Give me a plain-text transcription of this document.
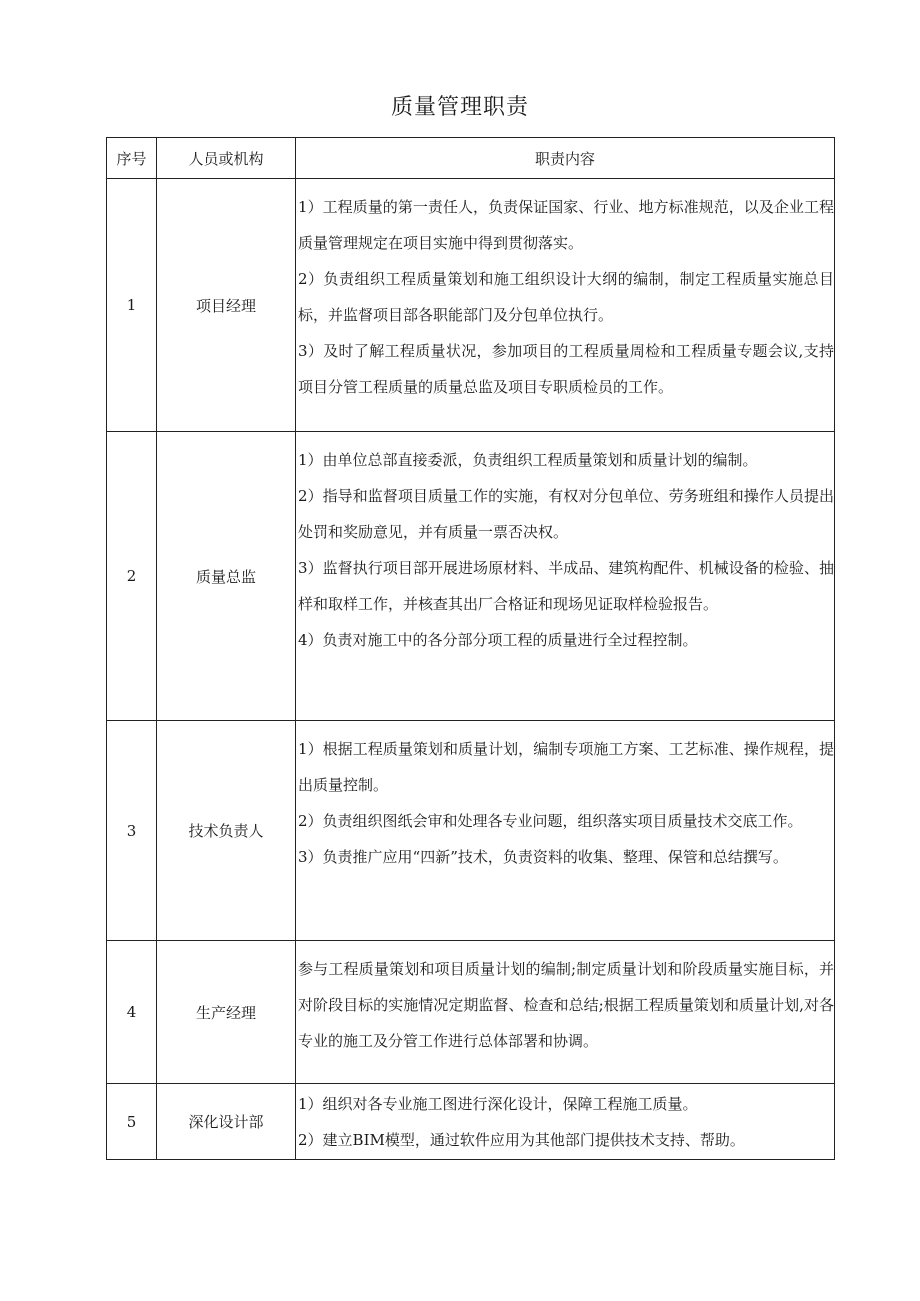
质量管理职责
序号	人员或机构	职责内容
1	项目经理	1）工程质量的第一责任人，负责保证国家、行业、地方标准规范，以及企业工程质量管理规定在项目实施中得到贯彻落实。
2）负责组织工程质量策划和施工组织设计大纲的编制，制定工程质量实施总目标，并监督项目部各职能部门及分包单位执行。
3）及时了解工程质量状况，参加项目的工程质量周检和工程质量专题会议,支持项目分管工程质量的质量总监及项目专职质检员的工作。

2	质量总监	1）由单位总部直接委派，负责组织工程质量策划和质量计划的编制。
2）指导和监督项目质量工作的实施，有权对分包单位、劳务班组和操作人员提出处罚和奖励意见，并有质量一票否决权。
3）监督执行项目部开展进场原材料、半成品、建筑构配件、机械设备的检验、抽样和取样工作，并核查其出厂合格证和现场见证取样检验报告。
4）负责对施工中的各分部分项工程的质量进行全过程控制。

3	技术负责人	1）根据工程质量策划和质量计划，编制专项施工方案、工艺标准、操作规程，提出质量控制。
2）负责组织图纸会审和处理各专业问题，组织落实项目质量技术交底工作。
3）负责推广应用“四新”技术，负责资料的收集、整理、保管和总结撰写。

4	生产经理	参与工程质量策划和项目质量计划的编制;制定质量计划和阶段质量实施目标，并对阶段目标的实施情况定期监督、检查和总结;根据工程质量策划和质量计划,对各专业的施工及分管工作进行总体部署和协调。

5	深化设计部	1）组织对各专业施工图进行深化设计，保障工程施工质量。
2）建立BIM模型，通过软件应用为其他部门提供技术支持、帮助。
